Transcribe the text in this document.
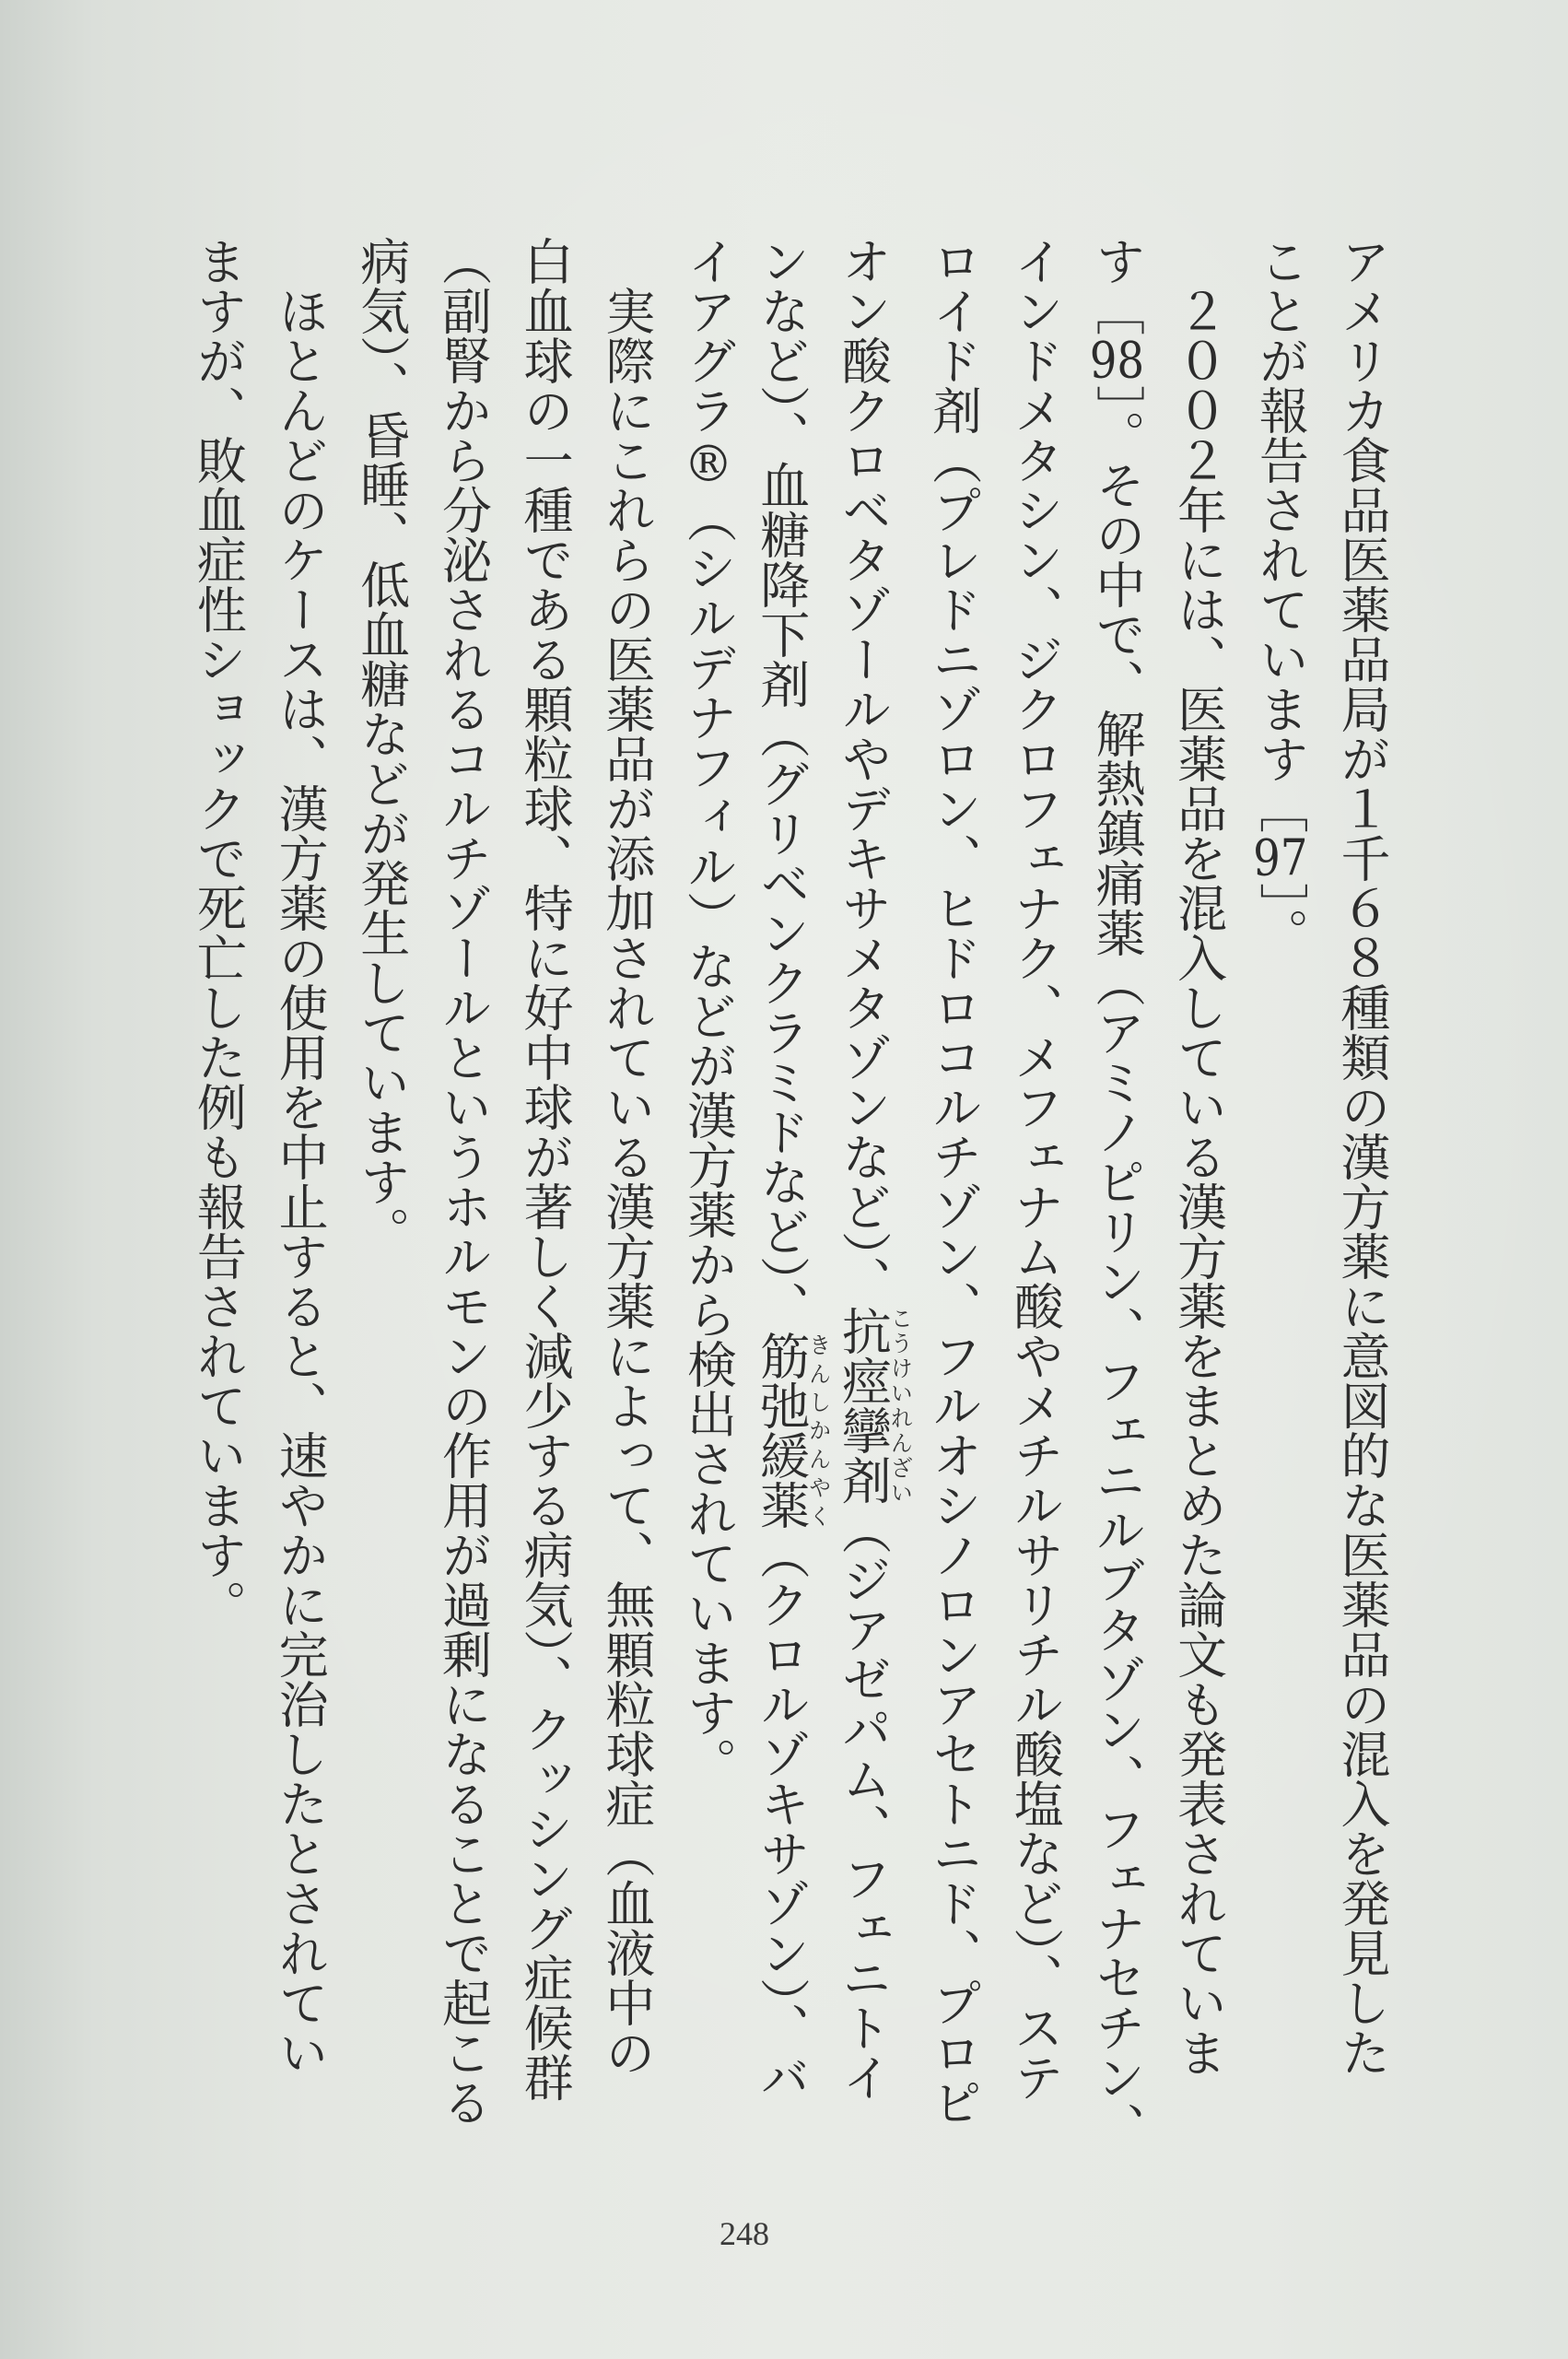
アメリカ食品医薬品局が１千６８種類の漢方薬に意図的な医薬品の混入を発見した
ことが報告されています［97］。
２００２年には、医薬品を混入している漢方薬をまとめた論文も発表されていま
す［98］。その中で、解熱鎮痛薬（アミノピリン、フェニルブタゾン、フェナセチン、
インドメタシン、ジクロフェナク、メフェナム酸やメチルサリチル酸塩など）、ステ
ロイド剤（プレドニゾロン、ヒドロコルチゾン、フルオシノロンアセトニド、プロピ
オン酸クロベタゾールやデキサメタゾンなど）、抗痙攣剤こうけいれんざい（ジアゼパム、フェニトイ
ンなど）、血糖降下剤（グリベンクラミドなど）、筋弛緩薬きんしかんやく（クロルゾキサゾン）、バ
イアグラ®（シルデナフィル）などが漢方薬から検出されています。
実際にこれらの医薬品が添加されている漢方薬によって、無顆粒球症（血液中の
白血球の一種である顆粒球、特に好中球が著しく減少する病気）、クッシング症候群
（副腎から分泌されるコルチゾールというホルモンの作用が過剰になることで起こる
病気）、昏睡、低血糖などが発生しています。
ほとんどのケースは、漢方薬の使用を中止すると、速やかに完治したとされてい
ますが、敗血症性ショックで死亡した例も報告されています。
248
